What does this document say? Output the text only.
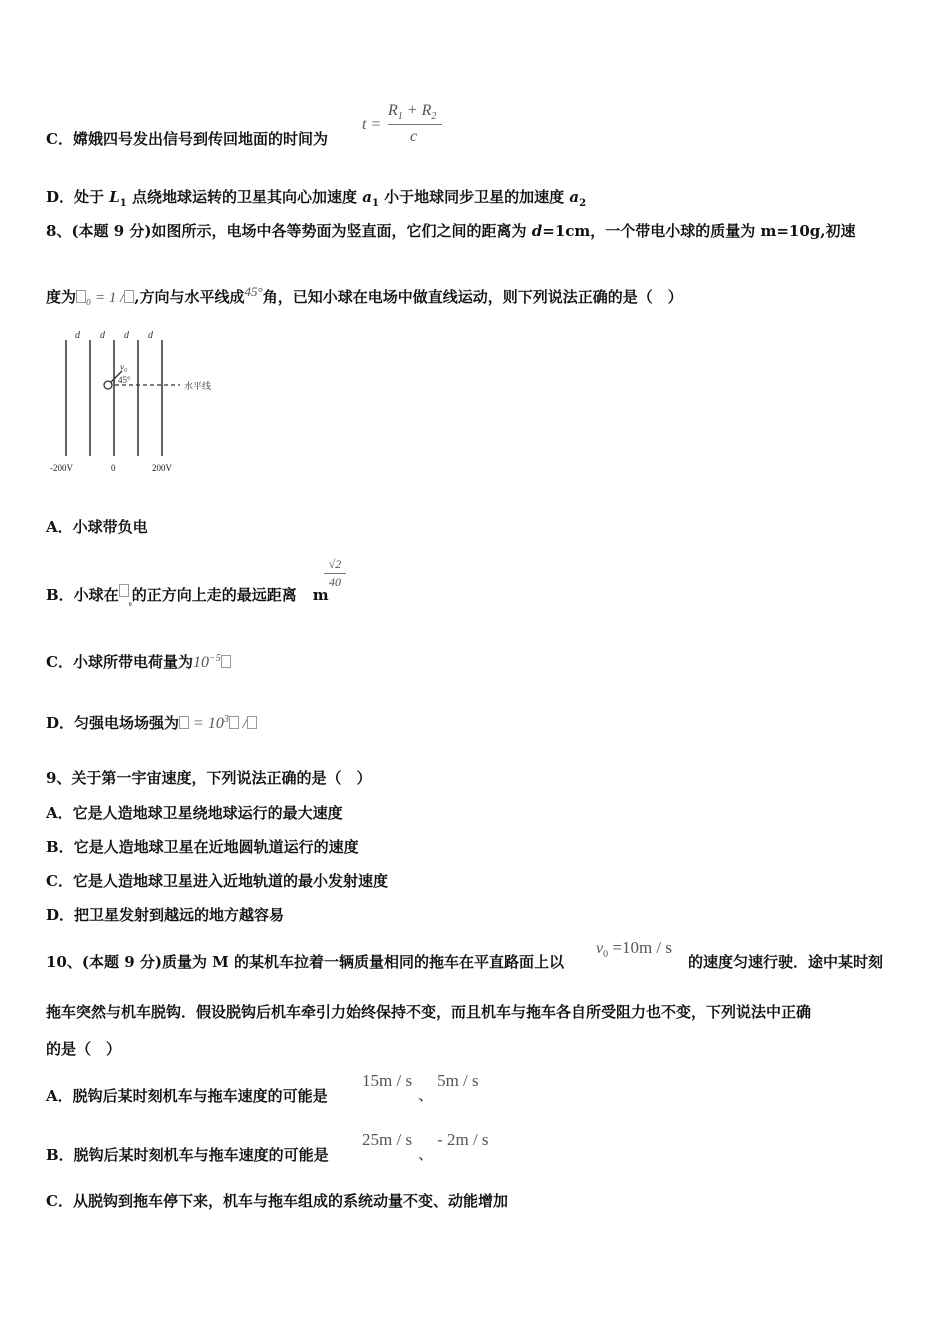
C．嫦娥四号发出信号到传回地面的时间为
t =
$R_1 + R_2$
c
D．处于 $L_1$ 点绕地球运转的卫星其向心加速度 $a_1$ 小于地球同步卫星的加速度 $a_2$
8、(本题 9 分)如图所示，电场中各等势面为竖直面，它们之间的距离为 d=1cm，一个带电小球的质量为 m=10g,初速
度为 ₀ = 1 / ,方向与水平线成$^{45^\circ}$角，已知小球在电场中做直线运动，则下列说法正确的是（　）
d d d d
v₀
45°
水平线
-200V	0	200V
A．小球带负电
B．小球在 $_{_0}$的正方向上走的最远距离 m
√2
40
C．小球所带电荷量为$10^{-5}$
D．匀强电场场强为 = $10^3$ /
9、关于第一宇宙速度，下列说法正确的是（　）
A．它是人造地球卫星绕地球运行的最大速度
B．它是人造地球卫星在近地圆轨道运行的速度
C．它是人造地球卫星进入近地轨道的最小发射速度
D．把卫星发射到越远的地方越容易
10、(本题 9 分)质量为 M 的某机车拉着一辆质量相同的拖车在平直路面上以
$v_0 =10m / s$
的速度匀速行驶．途中某时刻
拖车突然与机车脱钩．假设脱钩后机车牵引力始终保持不变，而且机车与拖车各自所受阻力也不变，下列说法中正确
的是（　）
A．脱钩后某时刻机车与拖车速度的可能是
15m / s、5m / s
B．脱钩后某时刻机车与拖车速度的可能是
25m / s、- 2m / s
C．从脱钩到拖车停下来，机车与拖车组成的系统动量不变、动能增加
